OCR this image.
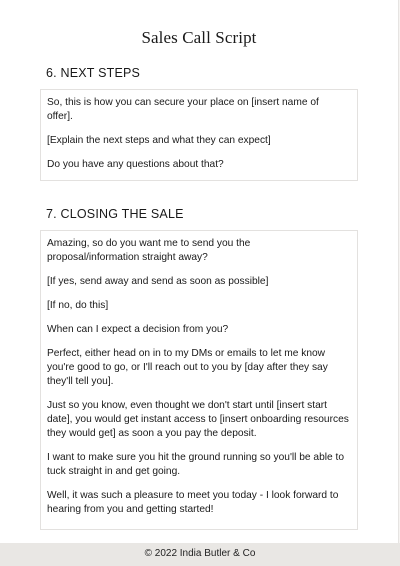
Sales Call Script
6. NEXT STEPS

So, this is how you can secure your place on [insert name of offer].

[Explain the next steps and what they can expect]

Do you have any questions about that?

7. CLOSING THE SALE

Amazing, so do you want me to send you the proposal/information straight away?

[If yes, send away and send as soon as possible]

[If no, do this]

When can I expect a decision from you?

Perfect, either head on in to my DMs or emails to let me know you're good to go, or I'll reach out to you by [day after they say they'll tell you].

Just so you know, even thought we don't start until [insert start date], you would get instant access to [insert onboarding resources they would get] as soon a you pay the deposit.

I want to make sure you hit the ground running so you'll be able to tuck straight in and get going.

Well, it was such a pleasure to meet you today - I look forward to hearing from you and getting started!

© 2022 India Butler & Co
